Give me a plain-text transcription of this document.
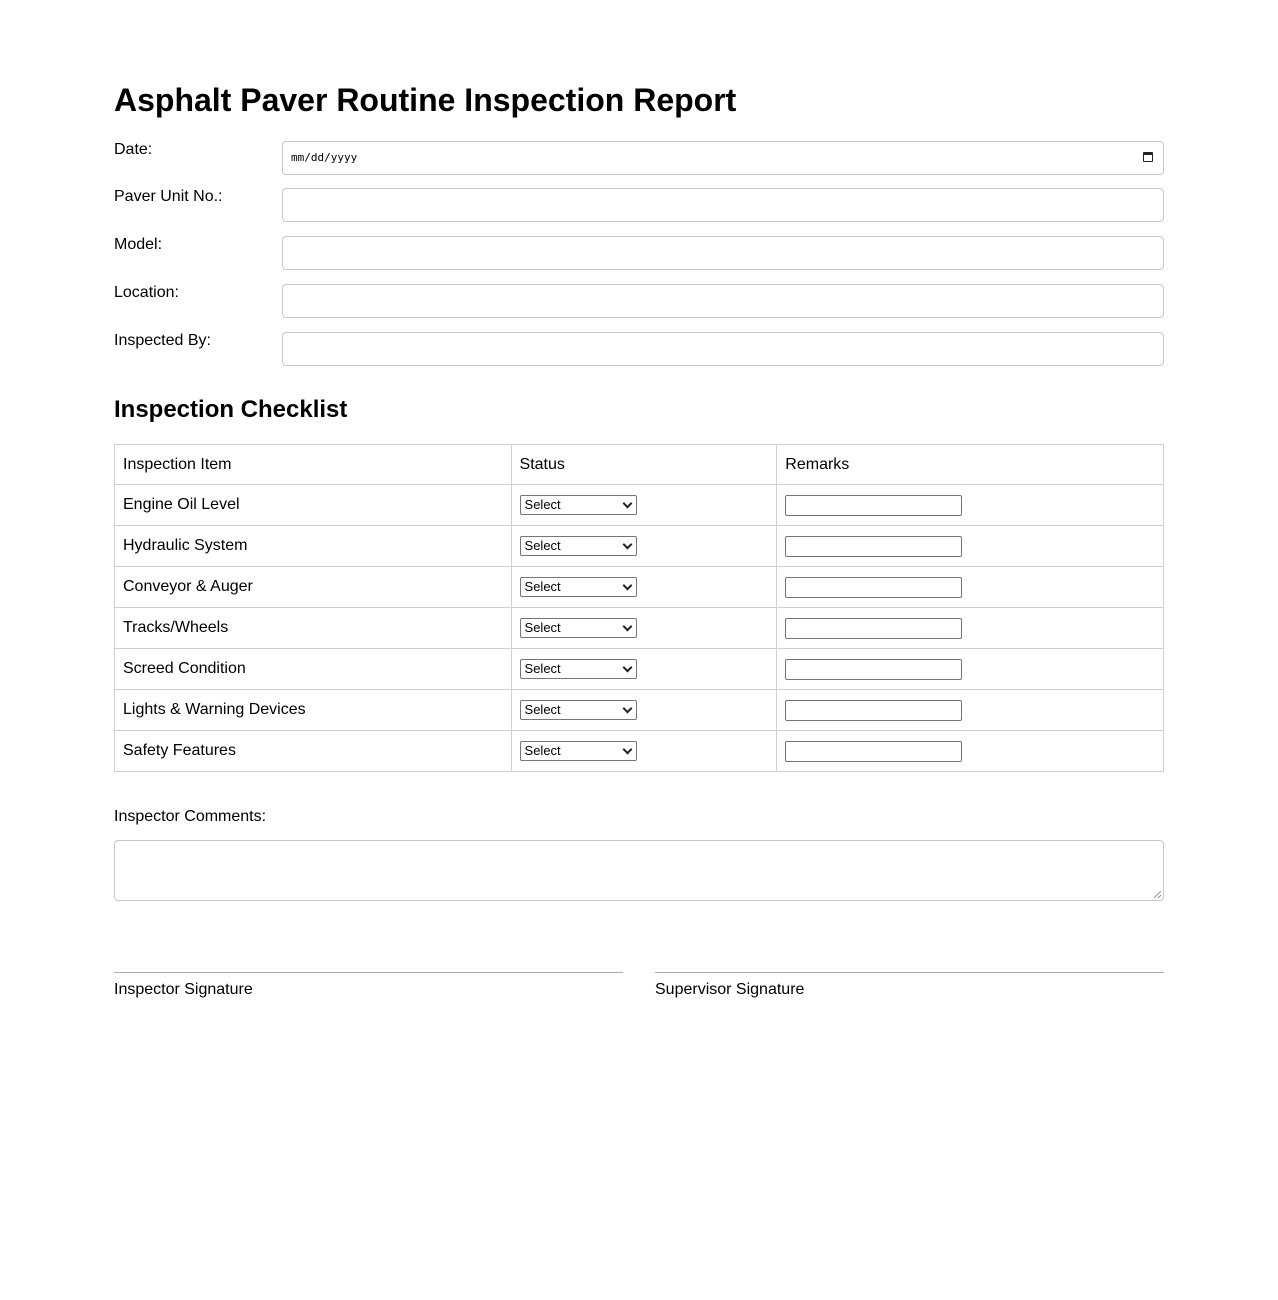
Asphalt Paver Routine Inspection Report
Date:	mm/dd/yyyy
Paver Unit No.:
Model:
Location:
Inspected By:
Inspection Checklist
Inspection Item	Status	Remarks
Engine Oil Level	Select

Hydraulic System	Select

Conveyor & Auger	Select

Tracks/Wheels	Select

Screed Condition	Select

Lights & Warning Devices	Select

Safety Features	Select

Inspector Comments:
Inspector Signature	Supervisor Signature
